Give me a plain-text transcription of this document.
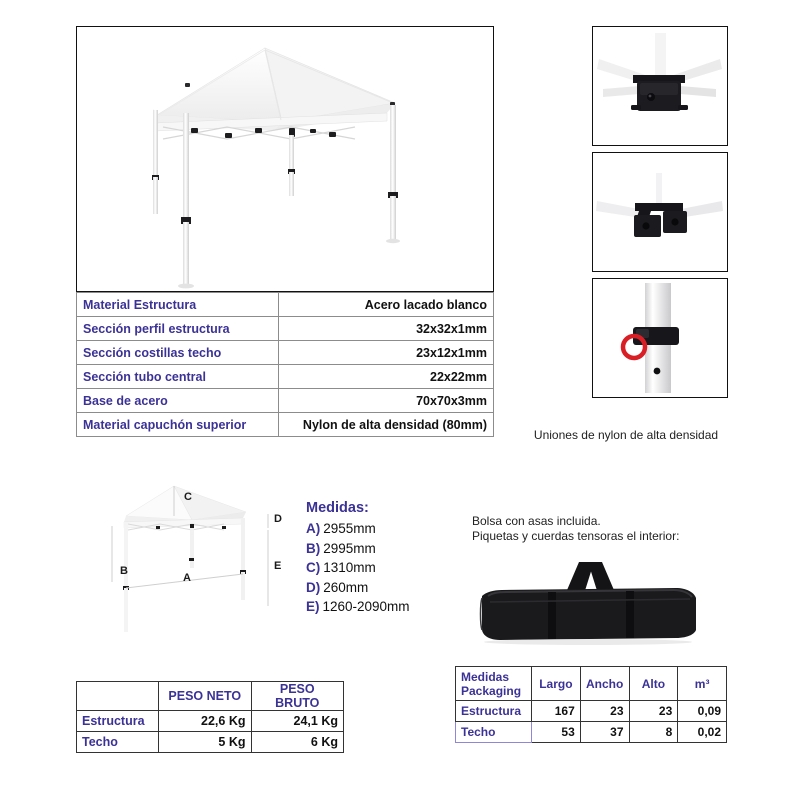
Material Estructura	Acero lacado blanco
Sección perfil estructura	32x32x1mm
Sección costillas techo	23x12x1mm
Sección tubo central	22x22mm
Base de acero	70x70x3mm
Material capuchón superior	Nylon de alta densidad (80mm)
Uniones de nylon de alta densidad
C
B
A
D
E
Medidas:
A) 2955mm
B) 2995mm
C) 1310mm
D) 260mm
E) 1260-2090mm
Bolsa con asas incluida.
Piquetas y cuerdas tensoras el interior:
	PESO NETO	PESO BRUTO
Estructura	22,6 Kg	24,1 Kg
Techo	5 Kg	6 Kg
Medidas
Packaging	Largo	Ancho	Alto	m³
Estructura	167	23	23	0,09
Techo	53	37	8	0,02
